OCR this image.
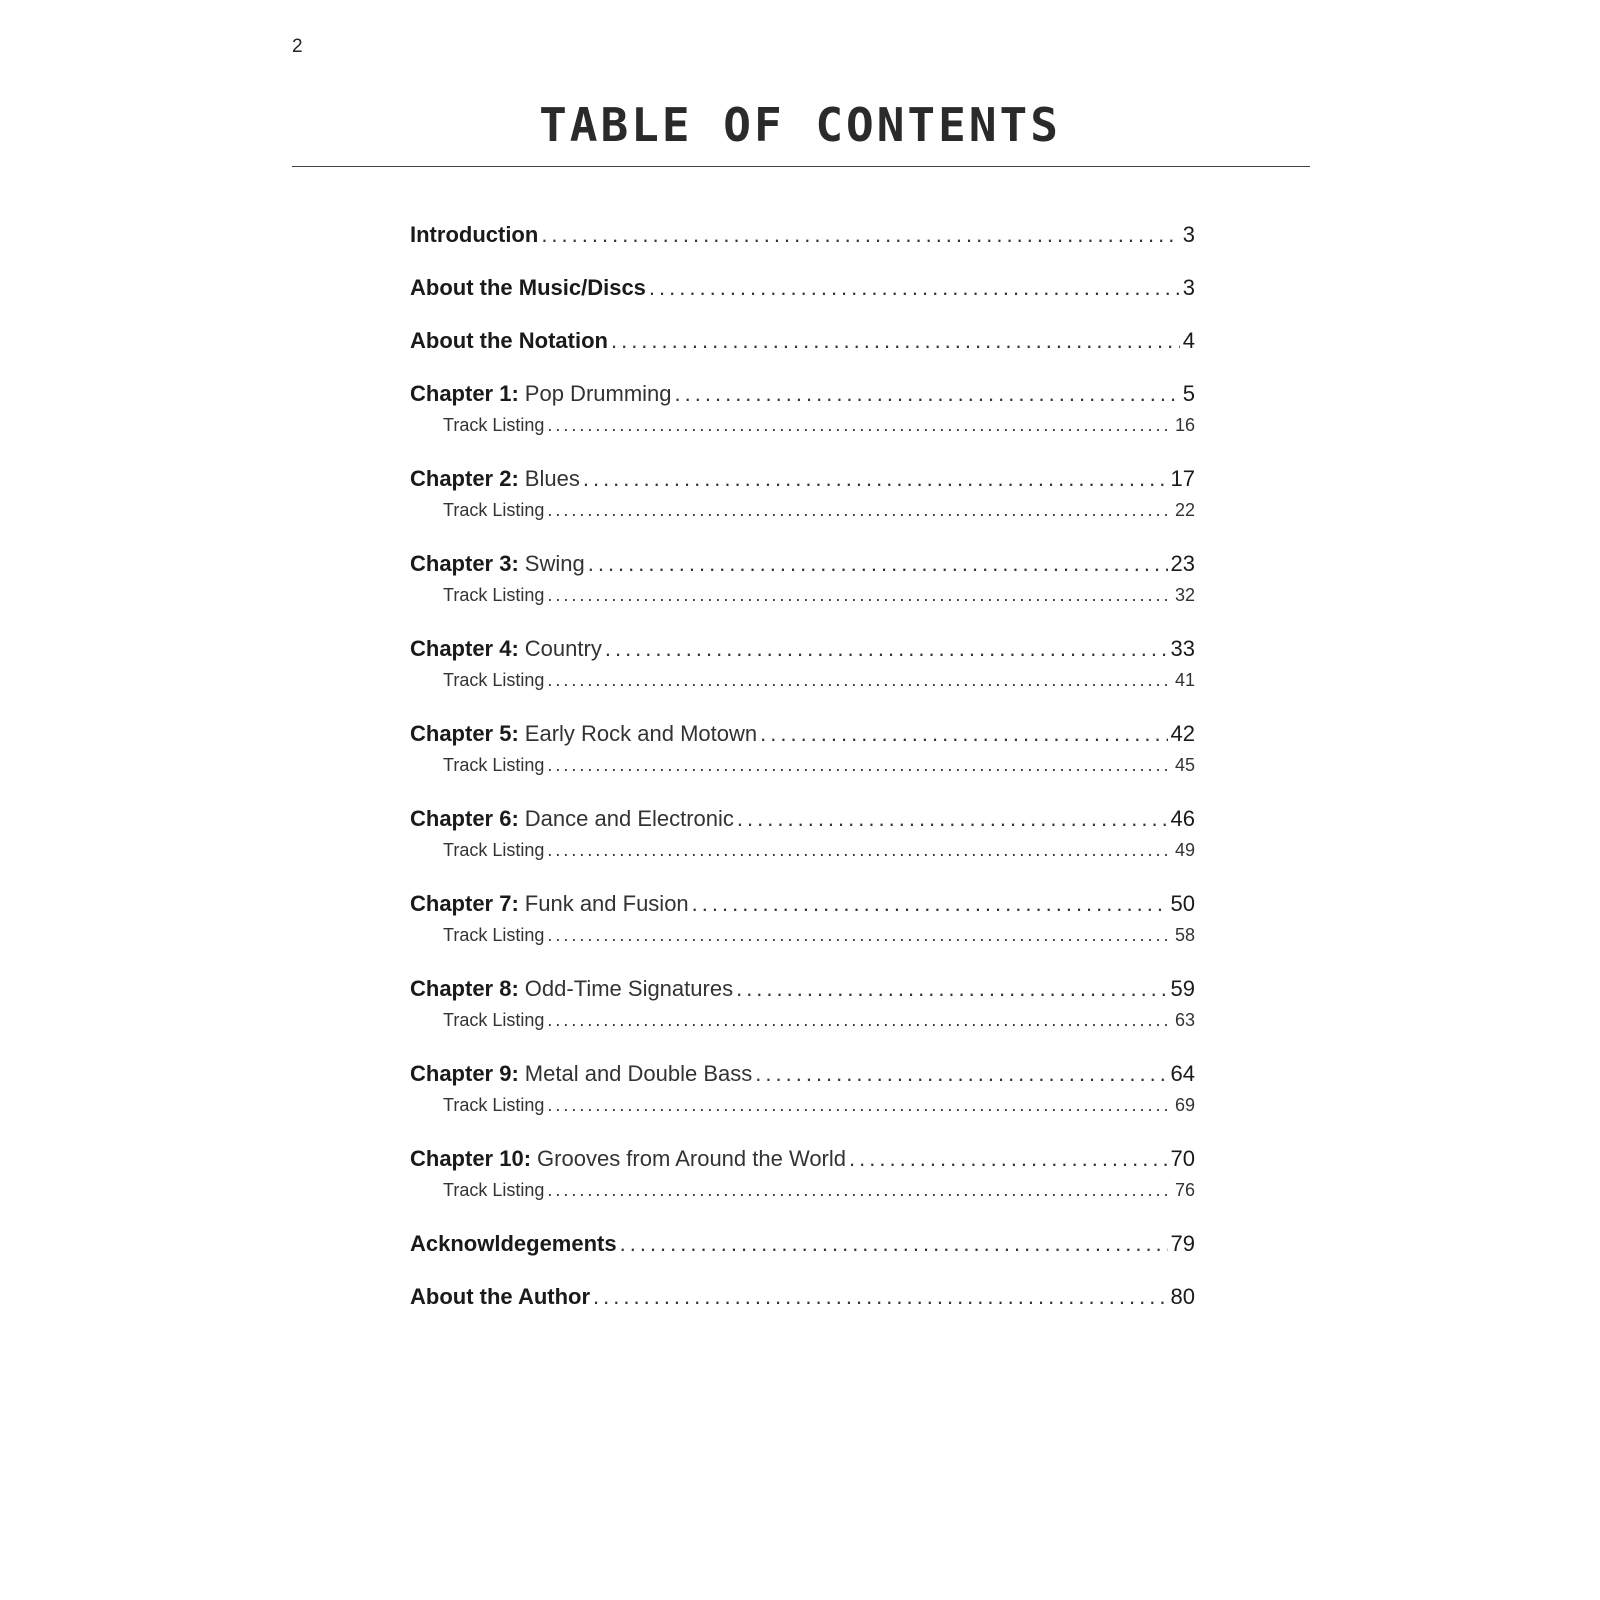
2
TABLE OF CONTENTS
Introduction .....	3
About the Music/Discs .....	3
About the Notation .....	4
Chapter 1: Pop Drumming .....	5
Track Listing .....	16
Chapter 2: Blues .....	17
Track Listing .....	22
Chapter 3: Swing .....	23
Track Listing .....	32
Chapter 4: Country .....	33
Track Listing .....	41
Chapter 5: Early Rock and Motown .....	42
Track Listing .....	45
Chapter 6: Dance and Electronic .....	46
Track Listing .....	49
Chapter 7: Funk and Fusion .....	50
Track Listing .....	58
Chapter 8: Odd-Time Signatures .....	59
Track Listing .....	63
Chapter 9: Metal and Double Bass .....	64
Track Listing .....	69
Chapter 10: Grooves from Around the World .....	70
Track Listing .....	76
Acknowldegements .....	79
About the Author .....	80
